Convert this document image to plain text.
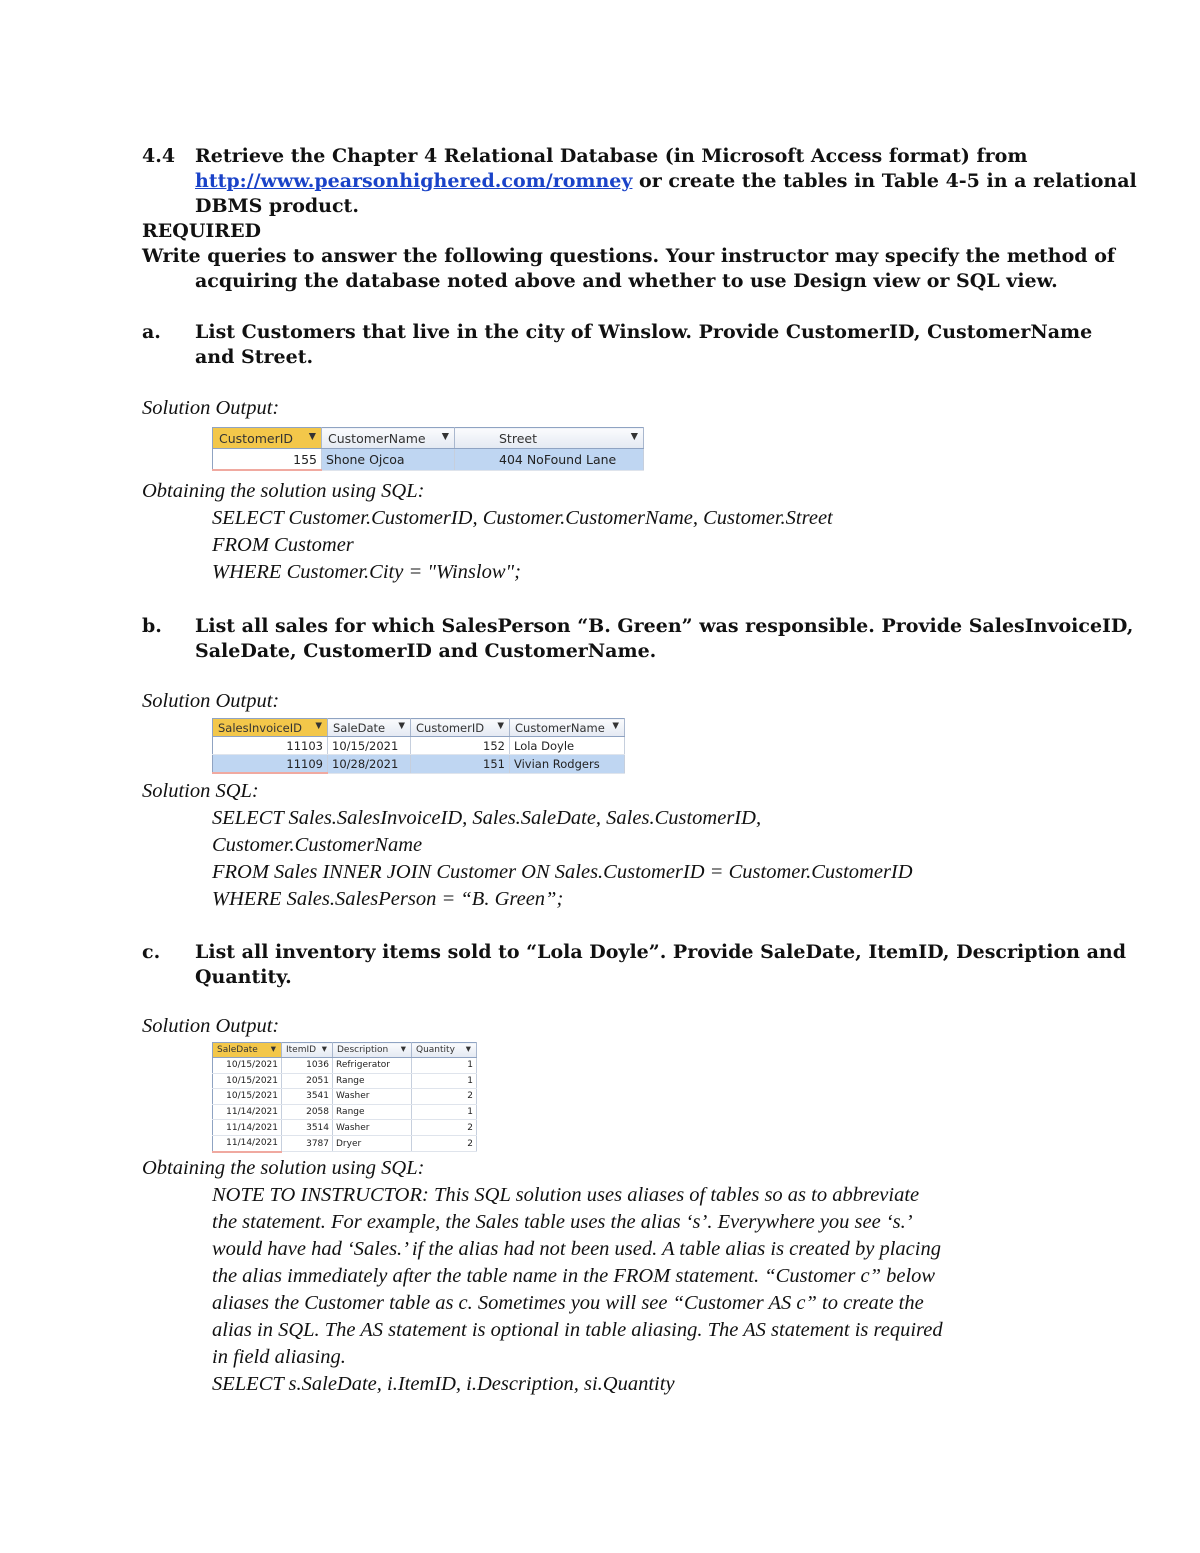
4.4 Retrieve the Chapter 4 Relational Database (in Microsoft Access format) from
http://www.pearsonhighered.com/romney or create the tables in Table 4-5 in a relational
DBMS product.
REQUIRED
Write queries to answer the following questions. Your instructor may specify the method of
acquiring the database noted above and whether to use Design view or SQL view.
a. List Customers that live in the city of Winslow. Provide CustomerID, CustomerName
and Street.
Solution Output:
CustomerID ▼	CustomerName ▼	Street ▼

155	Shone Ojcoa	404 NoFound Lane
Obtaining the solution using SQL:
SELECT Customer.CustomerID, Customer.CustomerName, Customer.Street
FROM Customer
WHERE Customer.City = "Winslow";
b. List all sales for which SalesPerson “B. Green” was responsible. Provide SalesInvoiceID,
SaleDate, CustomerID and CustomerName.
Solution Output:
SalesInvoiceID ▼	SaleDate ▼	CustomerID ▼	CustomerName ▼

11103	10/15/2021	152	Lola Doyle
11109	10/28/2021	151	Vivian Rodgers
Solution SQL:
SELECT Sales.SalesInvoiceID, Sales.SaleDate, Sales.CustomerID,
Customer.CustomerName
FROM Sales INNER JOIN Customer ON Sales.CustomerID = Customer.CustomerID
WHERE Sales.SalesPerson = “B. Green”;
c. List all inventory items sold to “Lola Doyle”. Provide SaleDate, ItemID, Description and
Quantity.
Solution Output:
SaleDate ▼	ItemID ▼	Description ▼	Quantity ▼

10/15/2021	1036	Refrigerator	1
10/15/2021	2051	Range	1
10/15/2021	3541	Washer	2
11/14/2021	2058	Range	1
11/14/2021	3514	Washer	2
11/14/2021	3787	Dryer	2
Obtaining the solution using SQL:
NOTE TO INSTRUCTOR: This SQL solution uses aliases of tables so as to abbreviate
the statement. For example, the Sales table uses the alias ‘s’. Everywhere you see ‘s.’
would have had ‘Sales.’ if the alias had not been used. A table alias is created by placing
the alias immediately after the table name in the FROM statement. “Customer c” below
aliases the Customer table as c. Sometimes you will see “Customer AS c” to create the
alias in SQL. The AS statement is optional in table aliasing. The AS statement is required
in field aliasing.
SELECT s.SaleDate, i.ItemID, i.Description, si.Quantity
